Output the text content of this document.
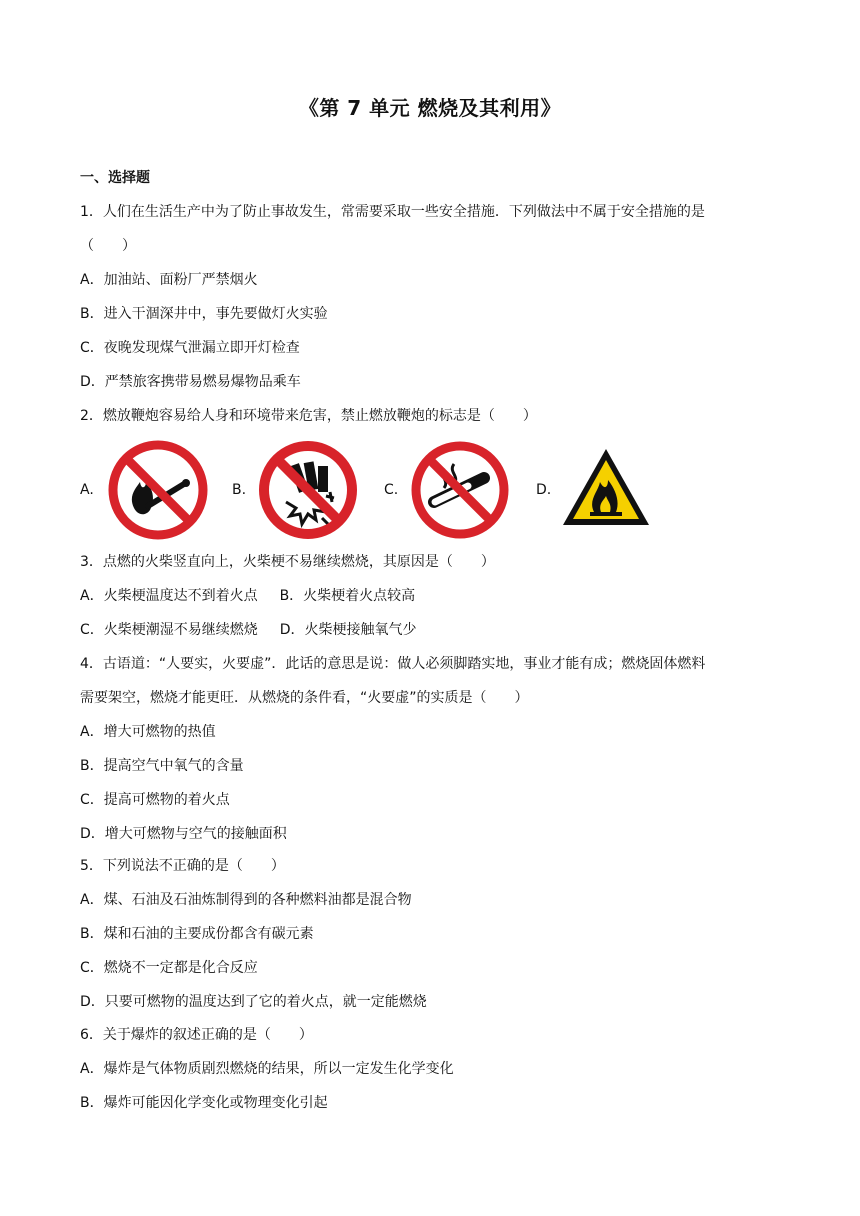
《第 7 单元 燃烧及其利用》
一、选择题
1．人们在生活生产中为了防止事故发生，常需要采取一些安全措施．下列做法中不属于安全措施的是
（　　）
A．加油站、面粉厂严禁烟火
B．进入干涸深井中，事先要做灯火实验
C．夜晚发现煤气泄漏立即开灯检查
D．严禁旅客携带易燃易爆物品乘车
2．燃放鞭炮容易给人身和环境带来危害，禁止燃放鞭炮的标志是（　　）
A.	B.	C.	D.
3．点燃的火柴竖直向上，火柴梗不易继续燃烧，其原因是（　　）
A．火柴梗温度达不到着火点 B．火柴梗着火点较高
C．火柴梗潮湿不易继续燃烧 D．火柴梗接触氧气少
4．古语道：“人要实，火要虚”．此话的意思是说：做人必须脚踏实地，事业才能有成；燃烧固体燃料
需要架空，燃烧才能更旺．从燃烧的条件看，“火要虚”的实质是（　　）
A．增大可燃物的热值
B．提高空气中氧气的含量
C．提高可燃物的着火点
D．增大可燃物与空气的接触面积
5．下列说法不正确的是（　　）
A．煤、石油及石油炼制得到的各种燃料油都是混合物
B．煤和石油的主要成份都含有碳元素
C．燃烧不一定都是化合反应
D．只要可燃物的温度达到了它的着火点，就一定能燃烧
6．关于爆炸的叙述正确的是（　　）
A．爆炸是气体物质剧烈燃烧的结果，所以一定发生化学变化
B．爆炸可能因化学变化或物理变化引起
